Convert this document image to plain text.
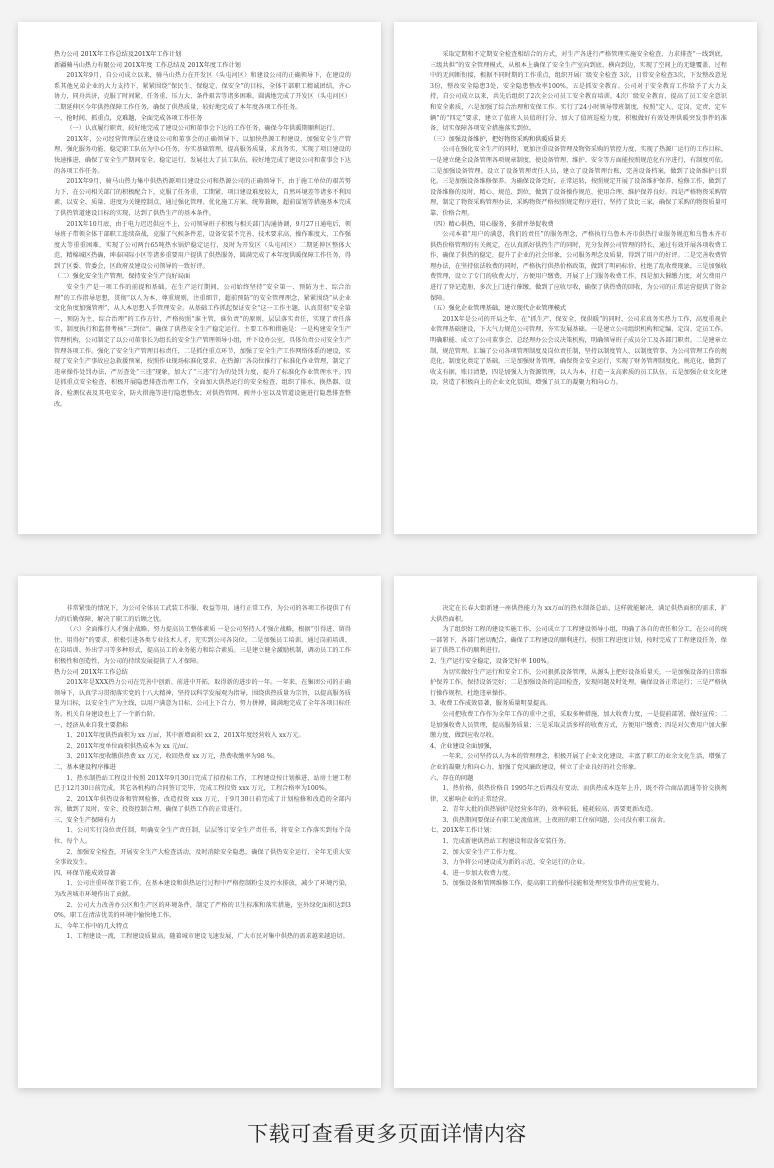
热力公司 201X年工作总结及201X年工作计划

新疆骑马山热力有限公司 201X年度 工作总结及 201X年度工作计划

201X年9月，自公司成立以来，骑马山热力在开发区（头屯河区）和建设公司的正确领导下，在建设的系其他兄弟企业的大力支持下，紧紧围绕“保民生、保稳定、保安全”的目标，全体干部职工精诚团结，齐心协力，同舟共济，克服了时间紧、任务重、压力大、条件艰苦等诸多困难，圆满地完成了开发区（头屯河区）二期延伸区今年供热保障工作任务，确保了供热质量，较好地完成了本年度各项工作任务。

一、抢时间、抓重点，克难题，全面完成各项工作任务

（一）认真履行职责，较好地完成了建设公司和董事会下达的工作任务，确保今年供暖期顺利运行。

201X年，公司经营管理层在建设公司和董事会的正确领导下，以加快热源工程建设、加强安全生产管理、强化服务功能、稳定职工队伍为中心任务，夯实基础管理，提高服务质量，求真务实，实现了项目建设的快速推进，确保了安全生产期间安全、稳定运行，发展壮大了员工队伍，较好地完成了建设公司和董事会下达的各项工作任务。

201X年9月，骑马山热力集中供热热源项目建设公司和热源公司的正确领导下，由于施工单位的艰苦努力下，在公司相关部门的积极配合下，克服了任务重、工期紧、项目建设难度较大，自然环境差等诸多不利因素，以安全、质量、进度为关键控制点，通过强化管理、优化施工方案、统筹兼顾，超前谋划等措施基本完成了供热管道建设目标的实现，达到了供热生产的基本条件。

201X年10月底，由于电力迟迟供应不上，公司领导班子积极与相关部门沟通协调，9月27日通电后，领导班子带领全体干部职工连续奋战，克服了气候条件差，设备安装不完善、技术要求高、操作难度大、工作强度大等重重困难，实现了公司两台65吨热水锅炉稳定运行，及时为开发区（头屯河区）二期延伸区整体大范、精棉城区热确，坤泰国际小区等诸多重要用户提供了供热服务，圆满完成了本年度供暖保障工作任务，得到了区委、管委会，区政府及建设公司领导的一致好评。

（二）强化安全生产管理，保持安全生产良好局面

安全生产是一项工作的前提和基础。在生产运行期间，公司始终坚持“安全第一、预防为主、综合治理”的工作指导思想，贯彻“以人为本、尊重规则，注重细节，超前预防”的安全管理理念，紧紧围绕“从企业文化角度加强管理”，从人本思想入手管理安全。从基础工作抓起保证安全“这一工作主题，认真贯彻“安全第一，预防为主，综合治理”的工作方针，严格按照“谁主管，谁负责”的原则，层层落实责任，实现了责任落实，制度执行和监督考核“三到位”，确保了供热安全生产稳定运行。主要工作和措施是：一是构建安全生产管理机构，公司制定了以公司董事长为组长的安全生产管理领导小组，并下设办公室，具体负责公司安全生产管理各项工作。强化了安全生产管理目标责任，二是抓住重点环节，加强了安全生产工作网络体系的建设，实现了安全生产事故应急救援预案，按照作业现场标准化要求，在热源厂各岗位推行了标准化作业管理，制定了违章操作处罚办法，严厉查处“三违”现象，加大了“三违”行为的处罚力度，提升了标准化作业管理水平。四是抓重点安全检查，积极开展隐患排查治理工作，全面加大供热运行的安全检查，组织了排水、换热器、设备、检测仪表及其电安全，防火措施等进行隐患整改；对供热管网、阀井小室以及管道设施进行隐患排查整改。

采取定期和不定期安全检查相结合的方式，对生产各进行严格管理实施安全检查，力求排查“一线到底，三级共担”的安全管理模式，从根本上确保了安全生产室向到底、横向到边，实现了空间上的无缝覆盖，过程中的无间断衔接，根据不同时期的工作重点，组织开展厂级安全检查 3次，日常安全检查3次，下发整改意见3份，整改安全隐患3处，安全隐患整改率100%，五是抓安全教育。公司对于安全教育工作给予了大力支持，自公司成立以来，共先后组织了2次全公司员工安全教育培训，4次厂级安全教育，提高了员工安全意识和安全素质，六是加强了综合治理和安保工作。实行了24小时领导带班制度，按照“定人、定岗、定责、定车辆”的“四定”要求，建立了值班人员值班打分，加大了值班巡检力度，积极做好有效处理供暖突发事件的准备，切实保障各项安全措施落实到位。

（三）加强设备维护，把好物资采购和供暖质量关

公司在强化安全生产的同时，更加注重设备管理及物资采购的管控力度，实现了热源厂运行的工作目标。一是建立健全设备管理各项规章制度，使设备管理、维护、安全等方面能按照规范化有序进行，有制度可依。二是加强设备管理。设立了设备管理责任人员，建立了设备管理台账，完善设备档案，做到了设备维护日常化。三是加强设备维修保养。为确保设备完好，正常运转，按照规定开展了设备维护保养、检修工作，做到了设备维修的及时、精心、规范、到位，做到了设备操作规范、使用合理、维护保养良好。四是严格物资采购管理，制定了物资采购管理办法，采购物资严格按照规定程序进行，坚持了货比三家，确保了采购的物资质量可靠、价格合理。

（四）精心供热，用心服务，多措并举促收费

公司本着“用户的满意，我们的责任”的服务理念，严格执行乌鲁木齐市供热行业服务规范和乌鲁木齐市供热价格管理的有关规定，在认真抓好供热生产的同时，充分发挥公司管理的特长，通过有效开展各项收费工作，确保了供热的稳定，提升了企业的社会形象，公司服务理念及质量，得到了用户的好评。二是完善收费管理办法，在坚持依法收费的同时，严格执行供热价格政策，做到了明码标价，杜绝了乱收费现象，三是加强收费管理，设立了专门的收费大厅，方便用户缴费，开展了上门服务收费工作，四是加大催缴力度，对欠费用户进行了登记造册，多次上门进行催缴，做到了应收尽收，确保了供热费的回收，为公司的正常运营提供了资金保障。

（五）强化企业管理基础，建立现代企业管理模式

201X年是公司的开局之年，在“抓生产、保安全、保供暖”的同时，公司求真务实热力工作，高度重视企业管理基础建设，下大气力规范公司管理，夯实发展基础。一是建立公司组织机构和定编、定岗、定员工作。明确职能、成立了公司董事会、总经理办公会议决策机构，明确领导班子成员分工及各部门职责。二是建章立制，规范管理。汇编了公司各项管理制度及岗位责任制，坚持以制度管人、以制度管事，为公司管理工作的规范化、制度化奠定了基础，三是加强财务管理，确保资金安全运行，实现了财务管理制度化、规范化，做到了收支有据，账目清楚，四是加强人力资源管理，以人为本，打造一支高素质的员工队伍，五是加强企业文化建设，营造了积极向上的企业文化氛围，增强了员工的凝聚力和向心力。

非常紧张的情况下，为公司全体员工武装工作服、收益等用，通行正常工作，为公司的各项工作提供了有力的后勤保障，解决了职工的后顾之忧。

（六）全面推行人才强企战略，努力提高员工整体素质 一是公司坚持人才强企战略，根据“引得进、留得住、用得好”的要求，积极引进各类专业技术人才，充实到公司各岗位。二是加强员工培训，通过岗前培训、在岗培训、外出学习等多种形式，提高员工的业务能力和综合素质。三是建立健全激励机制，调动员工的工作积极性和创造性，为公司的持续发展提供了人才保障。

热力公司 201X年工作总结

201X年是XXX热力公司在完善中创新、前进中开拓，取得新的进步的一年。一年来，在集团公司的正确领导下，认真学习贯彻落实党的十八大精神，坚持以科学发展观为指导，围绕供热质量为宗旨，以提高服务质量为目标，以安全生产为主线，以用户满意为目标，公司上下合力，努力拼搏，圆满地完成了全年各项目标任务。机关自身建设也上了一个新台阶。

一、经济从业自我主要指标

1、201X年度供热面积为 xx 万㎡，其中新增面积 xx 2，201X年度经营收入 xx万元。

2、201X年度单位面积供热成本为 xx 元/㎡。

3、201X年度收缴供热费 xx 万元，收回热费 xx 万元，热费收缴率为98 %。

二、基本建设程序推进

1、热水制热站工程设计按照 201X年9月30日完成了招投标工作，工程建设按计划推进，站房土建工程已于12月30日前完成，其它各机构的合同签订完毕，完成工程投资 xxx 万元，工程合格率为100%。

2、201X年供热设备和管网检修，改造投资 xxx 万元，于9月30日前完成了计划检修和改造的全部内容，做到了及时、安全、投资控制合理，确保了供热工作的正常进行。

三、安全生产保障有力

1、公司实行岗位责任制，明确安全生产责任制，层层签订安全生产责任书，将安全工作落实到每个岗位、每个人。

2、加强安全检查，开展安全生产大检查活动，及时消除安全隐患，确保了供热安全运行，全年无重大安全事故发生。

四、环保节能成效显著

1、公司注重环保节能工作，在基本建设和供热运行过程中严格控制粉尘及污水排放，减少了环境污染，为改善城市环境作出了贡献。

2、公司大力改善办公区和生产区的环境条件，制定了严格的卫生标准和落实措施，室外绿化面积达到30%，职工在清洁优美的环境中愉快地工作。

五、今年工作中的几大特点

1、工程建设一流，工程建设质量高，随着城市建设飞速发展，广大市民对集中供热的需求越来越迫切。

决定在长春大街新建一座供热能力为 xx万㎡的热水制备总站，这样就能解决，满足供热面积的需求，扩大供热面积。

为了组织好工程的建设实施工作，公司成立了工程建设领导小组，明确了各自的责任和分工，在公司的统一部署下，各部门密切配合，确保了工程建设的顺利进行，按照工程进度计划，按时完成了工程建设任务，保证了供热工作的顺利进行。

2、生产运行安全稳定，设备完好率 100%。

为切实做好生产运行和安全工作，公司狠抓设备管理，从源头上把好设备质量关，一是加强设备的日常维护保养工作，保持设备完好；二是加强设备的巡回检查，发现问题及时处理，确保设备正常运行；三是严格执行操作规程，杜绝违章操作。

3、收费工作成效显著，服务质量明显提高。

公司把收费工作作为全年工作的重中之重，采取多种措施，加大收费力度，一是提前部署，做好宣传；二是加强收费人员管理，提高服务质量；三是采取灵活多样的收费方式，方便用户缴费；四是对欠费用户加大催缴力度，做到应收尽收。

4、企业建设全面加强，

一年来，公司坚持以人为本的管理理念，积极开展了企业文化建设，丰富了职工的业余文化生活，增强了企业的凝聚力和向心力，加强了党风廉政建设，树立了企业良好的社会形象。

六、存在的问题

1、热价格，供热价格自 1995年之后再没有变动，而供热成本连年上升，既不符合商品流通等价交换规律，又影响企业的正常经营。

2、青年大批的供热锅炉是经营多年的，效率较低，能耗较高，需要更新改造。

3、供热期间要保证有职工轮流值班，上夜班的职工住宿问题，公司没有职工宿舍。

七、201X年工作计划：

1、完成新建供热站工程建设和设备安装任务。

2、加大安全生产工作力度。

3、力争将公司建设成为新的示范、安全运行的企业。

4、进一步加大收费力度。

5、加强设备和管网维修工作，提高职工的操作技能和处理突发事件的应变能力。

下载可查看更多页面详情内容
